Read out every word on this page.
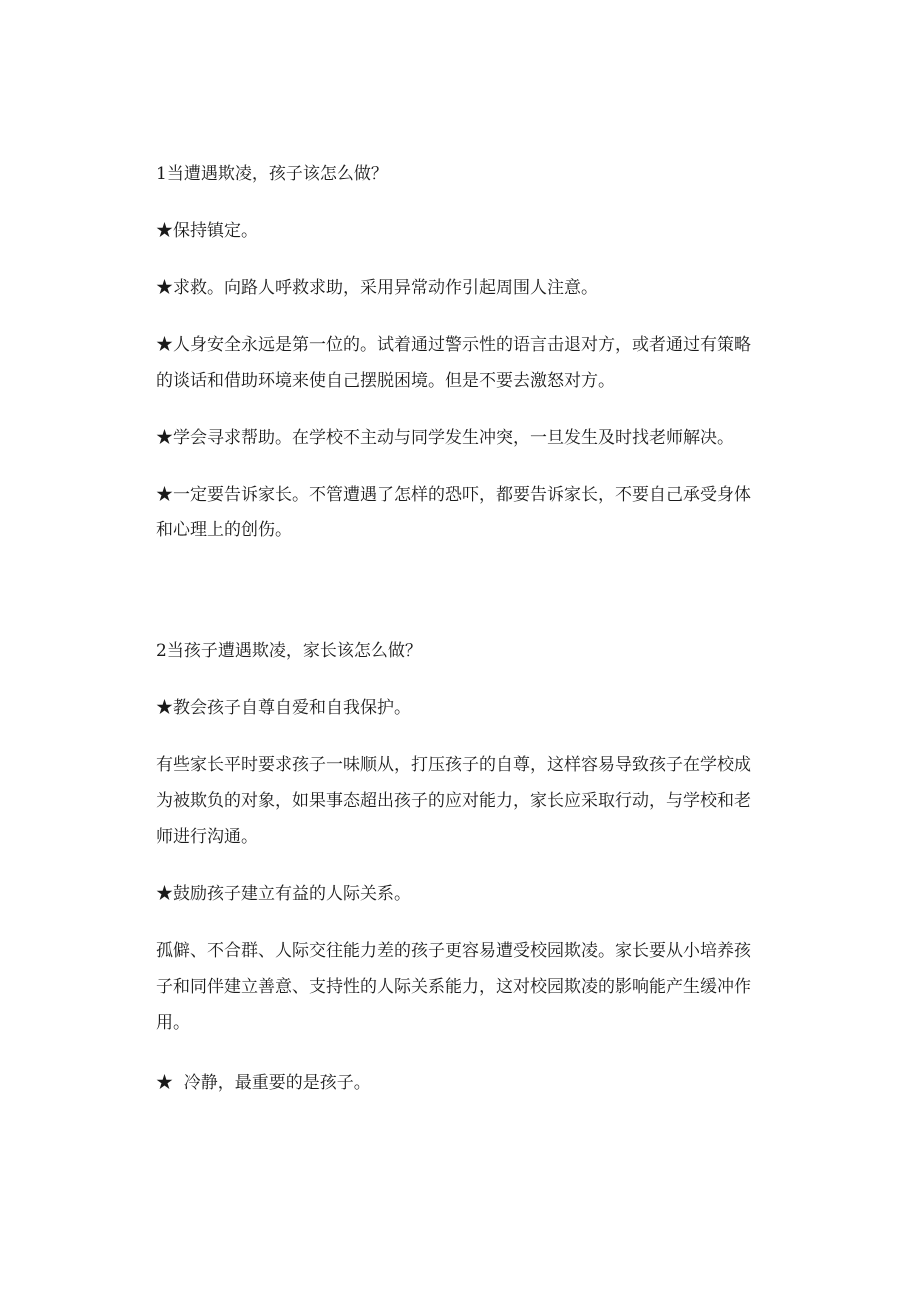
1当遭遇欺凌，孩子该怎么做？

★保持镇定。

★求救。向路人呼救求助，采用异常动作引起周围人注意。

★人身安全永远是第一位的。试着通过警示性的语言击退对方，或者通过有策略

的谈话和借助环境来使自己摆脱困境。但是不要去激怒对方。

★学会寻求帮助。在学校不主动与同学发生冲突，一旦发生及时找老师解决。

★一定要告诉家长。不管遭遇了怎样的恐吓，都要告诉家长，不要自己承受身体

和心理上的创伤。

2当孩子遭遇欺凌，家长该怎么做？

★教会孩子自尊自爱和自我保护。

有些家长平时要求孩子一味顺从，打压孩子的自尊，这样容易导致孩子在学校成

为被欺负的对象，如果事态超出孩子的应对能力，家长应采取行动，与学校和老

师进行沟通。

★鼓励孩子建立有益的人际关系。

孤僻、不合群、人际交往能力差的孩子更容易遭受校园欺凌。家长要从小培养孩

子和同伴建立善意、支持性的人际关系能力，这对校园欺凌的影响能产生缓冲作

用。

★  冷静，最重要的是孩子。
